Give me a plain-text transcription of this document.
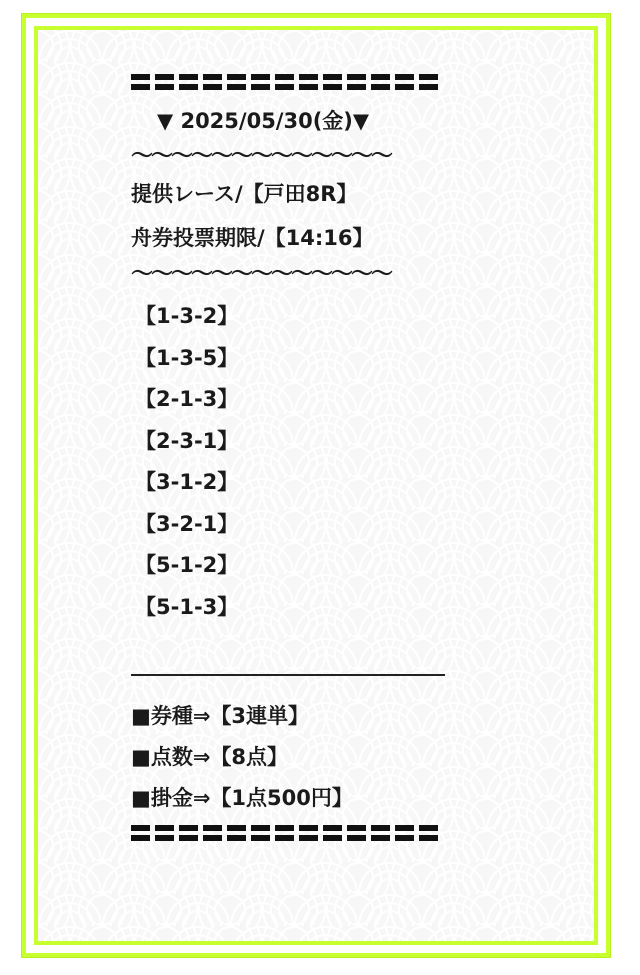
▼ 2025/05/30(金)▼
〜〜〜〜〜〜〜〜〜〜〜〜〜
提供レース/【戸田8R】
舟券投票期限/【14:16】
〜〜〜〜〜〜〜〜〜〜〜〜〜
【1-3-2】
【1-3-5】
【2-1-3】
【2-3-1】
【3-1-2】
【3-2-1】
【5-1-2】
【5-1-3】
■券種⇒【3連単】
■点数⇒【8点】
■掛金⇒【1点500円】
